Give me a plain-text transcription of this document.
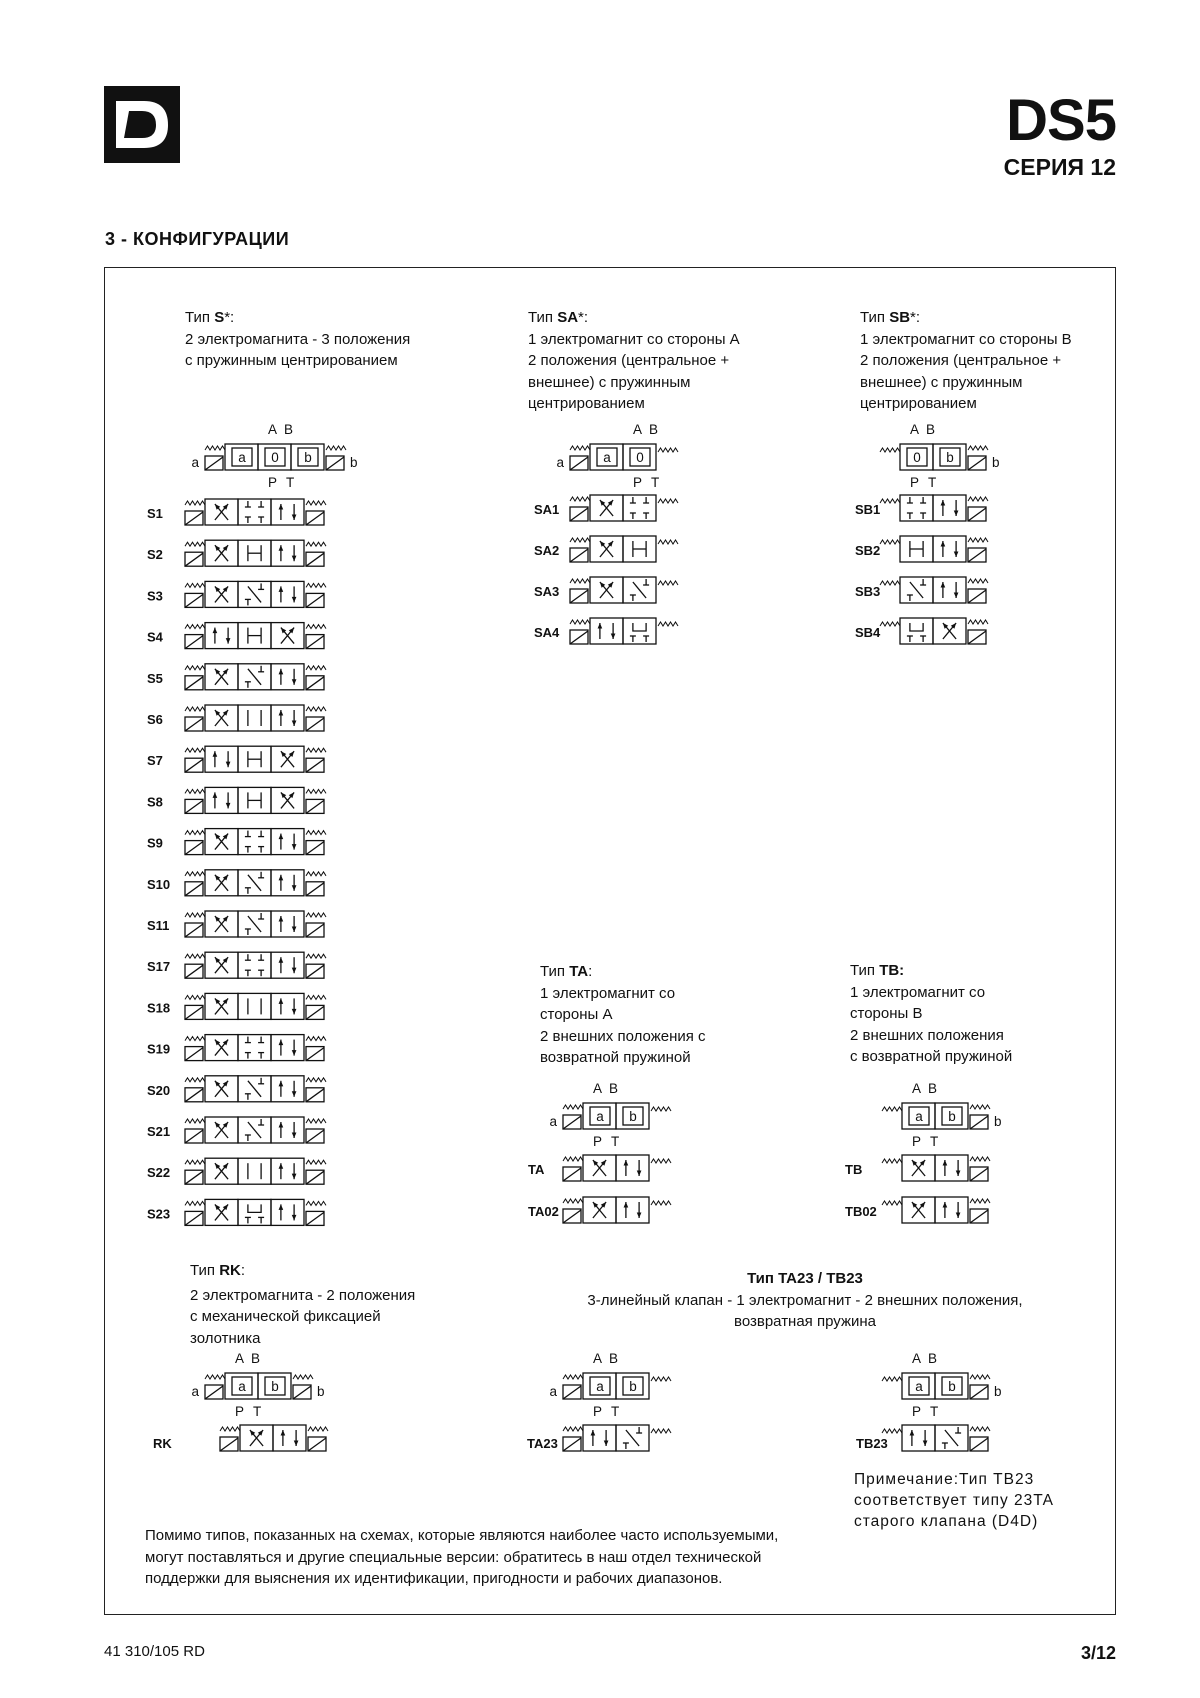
DS5
СЕРИЯ 12
3 - КОНФИГУРАЦИИ
Тип S*:
2 электромагнита - 3 положения
с пружинным центрированием
Тип SA*:
1 электромагнит со стороны А
2 положения (центральное +
внешнее) с пружинным
центрированием
Тип SB*:
1 электромагнит со стороны В
2 положения (центральное +
внешнее) с пружинным
центрированием
Тип TA:
1 электромагнит со
стороны А
2 внешних положения с
возвратной пружиной
Тип TB:
1 электромагнит со
стороны В
2 внешних положения
с возвратной пружиной
Тип RK:
2 электромагнита - 2 положения
с механической фиксацией
золотника
Тип TA23 / TB23
3-линейный клапан - 1 электромагнит - 2 внешних положения,
возвратная пружина
a 0 b
A B
P T
a	b
S1
S2
S3
S4
S5
S6
S7
S8
S9
S10
S11
S17
S18
S19
S20
S21
S22
S23
a 0
A B
P T
a
SA1
SA2
SA3
SA4
0 b
A B
P T
b
SB1
SB2
SB3
SB4
a b
A B
P T
a
TA
TA02
a b
A B
P T
b
TB
TB02
a b
A B
P T
a	b
RK
a b
A B
P T
a
TA23
a b
A B
P T
b
TB23
Примечание:Тип TB23 соответствует типу 23TA старого клапана (D4D)
Помимо типов, показанных на схемах, которые являются наиболее часто используемыми, могут поставляться и другие специальные версии: обратитесь в наш отдел технической поддержки для выяснения их идентификации, пригодности и рабочих диапазонов.
41 310/105 RD	3/12
